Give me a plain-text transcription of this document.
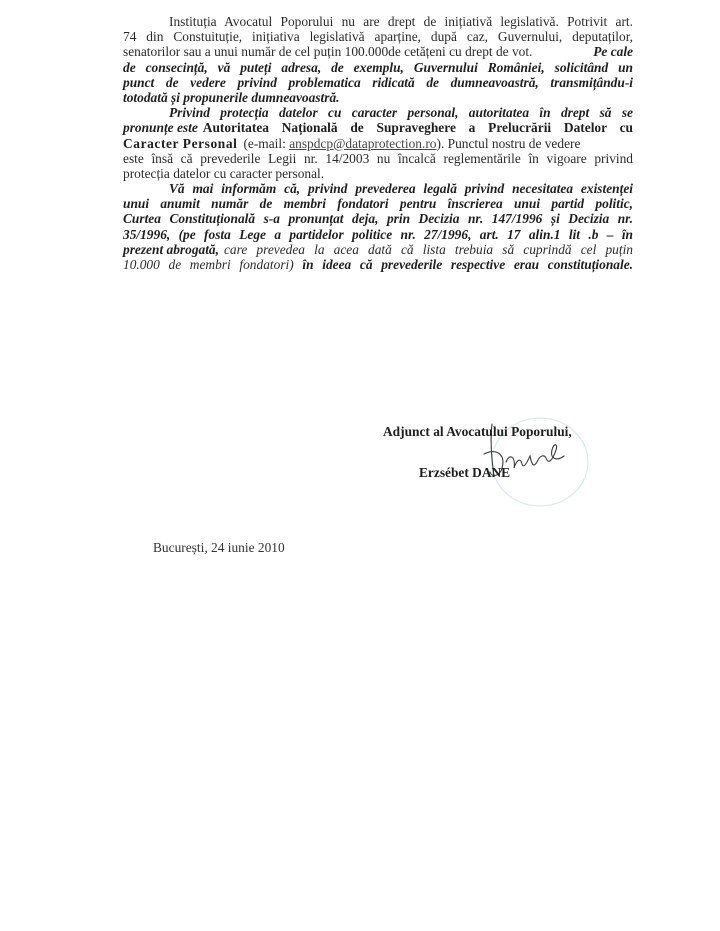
Instituția Avocatul Poporului nu are drept de inițiativă legislativă. Potrivit art.
74 din Constuituție, inițiativa legislativă aparține, după caz, Guvernului, deputaților,
senatorilor sau a unui număr de cel puțin 100.000de cetățeni cu drept de vot.	Pe cale
de consecință, vă puteți adresa, de exemplu, Guvernului României, solicitând un
punct de vedere privind problematica ridicată de dumneavoastră, transmițându-i
totodată și propunerile dumneavoastră.
Privind protecția datelor cu caracter personal, autoritatea în drept să se
pronunțe este Autoritatea Națională de Supraveghere a Prelucrării Datelor cu
Caracter Personal (e-mail: anspdcp@dataprotection.ro). Punctul nostru de vedere
este însă că prevederile Legii nr. 14/2003 nu încalcă reglementările în vigoare privind
protecția datelor cu caracter personal.
Vă mai informăm că, privind prevederea legală privind necesitatea existenței
unui anumit număr de membri fondatori pentru înscrierea unui partid politic,
Curtea Constituțională s-a pronunțat deja, prin Decizia nr. 147/1996 și Decizia nr.
35/1996, (pe fosta Lege a partidelor politice nr. 27/1996, art. 17 alin.1 lit .b – în
prezent abrogată, care prevedea la acea dată că lista trebuia să cuprindă cel puțin
10.000 de membri fondatori) în ideea că prevederile respective erau constituționale.
Adjunct al Avocatului Poporului,
Erzsébet DANE
București, 24 iunie 2010
